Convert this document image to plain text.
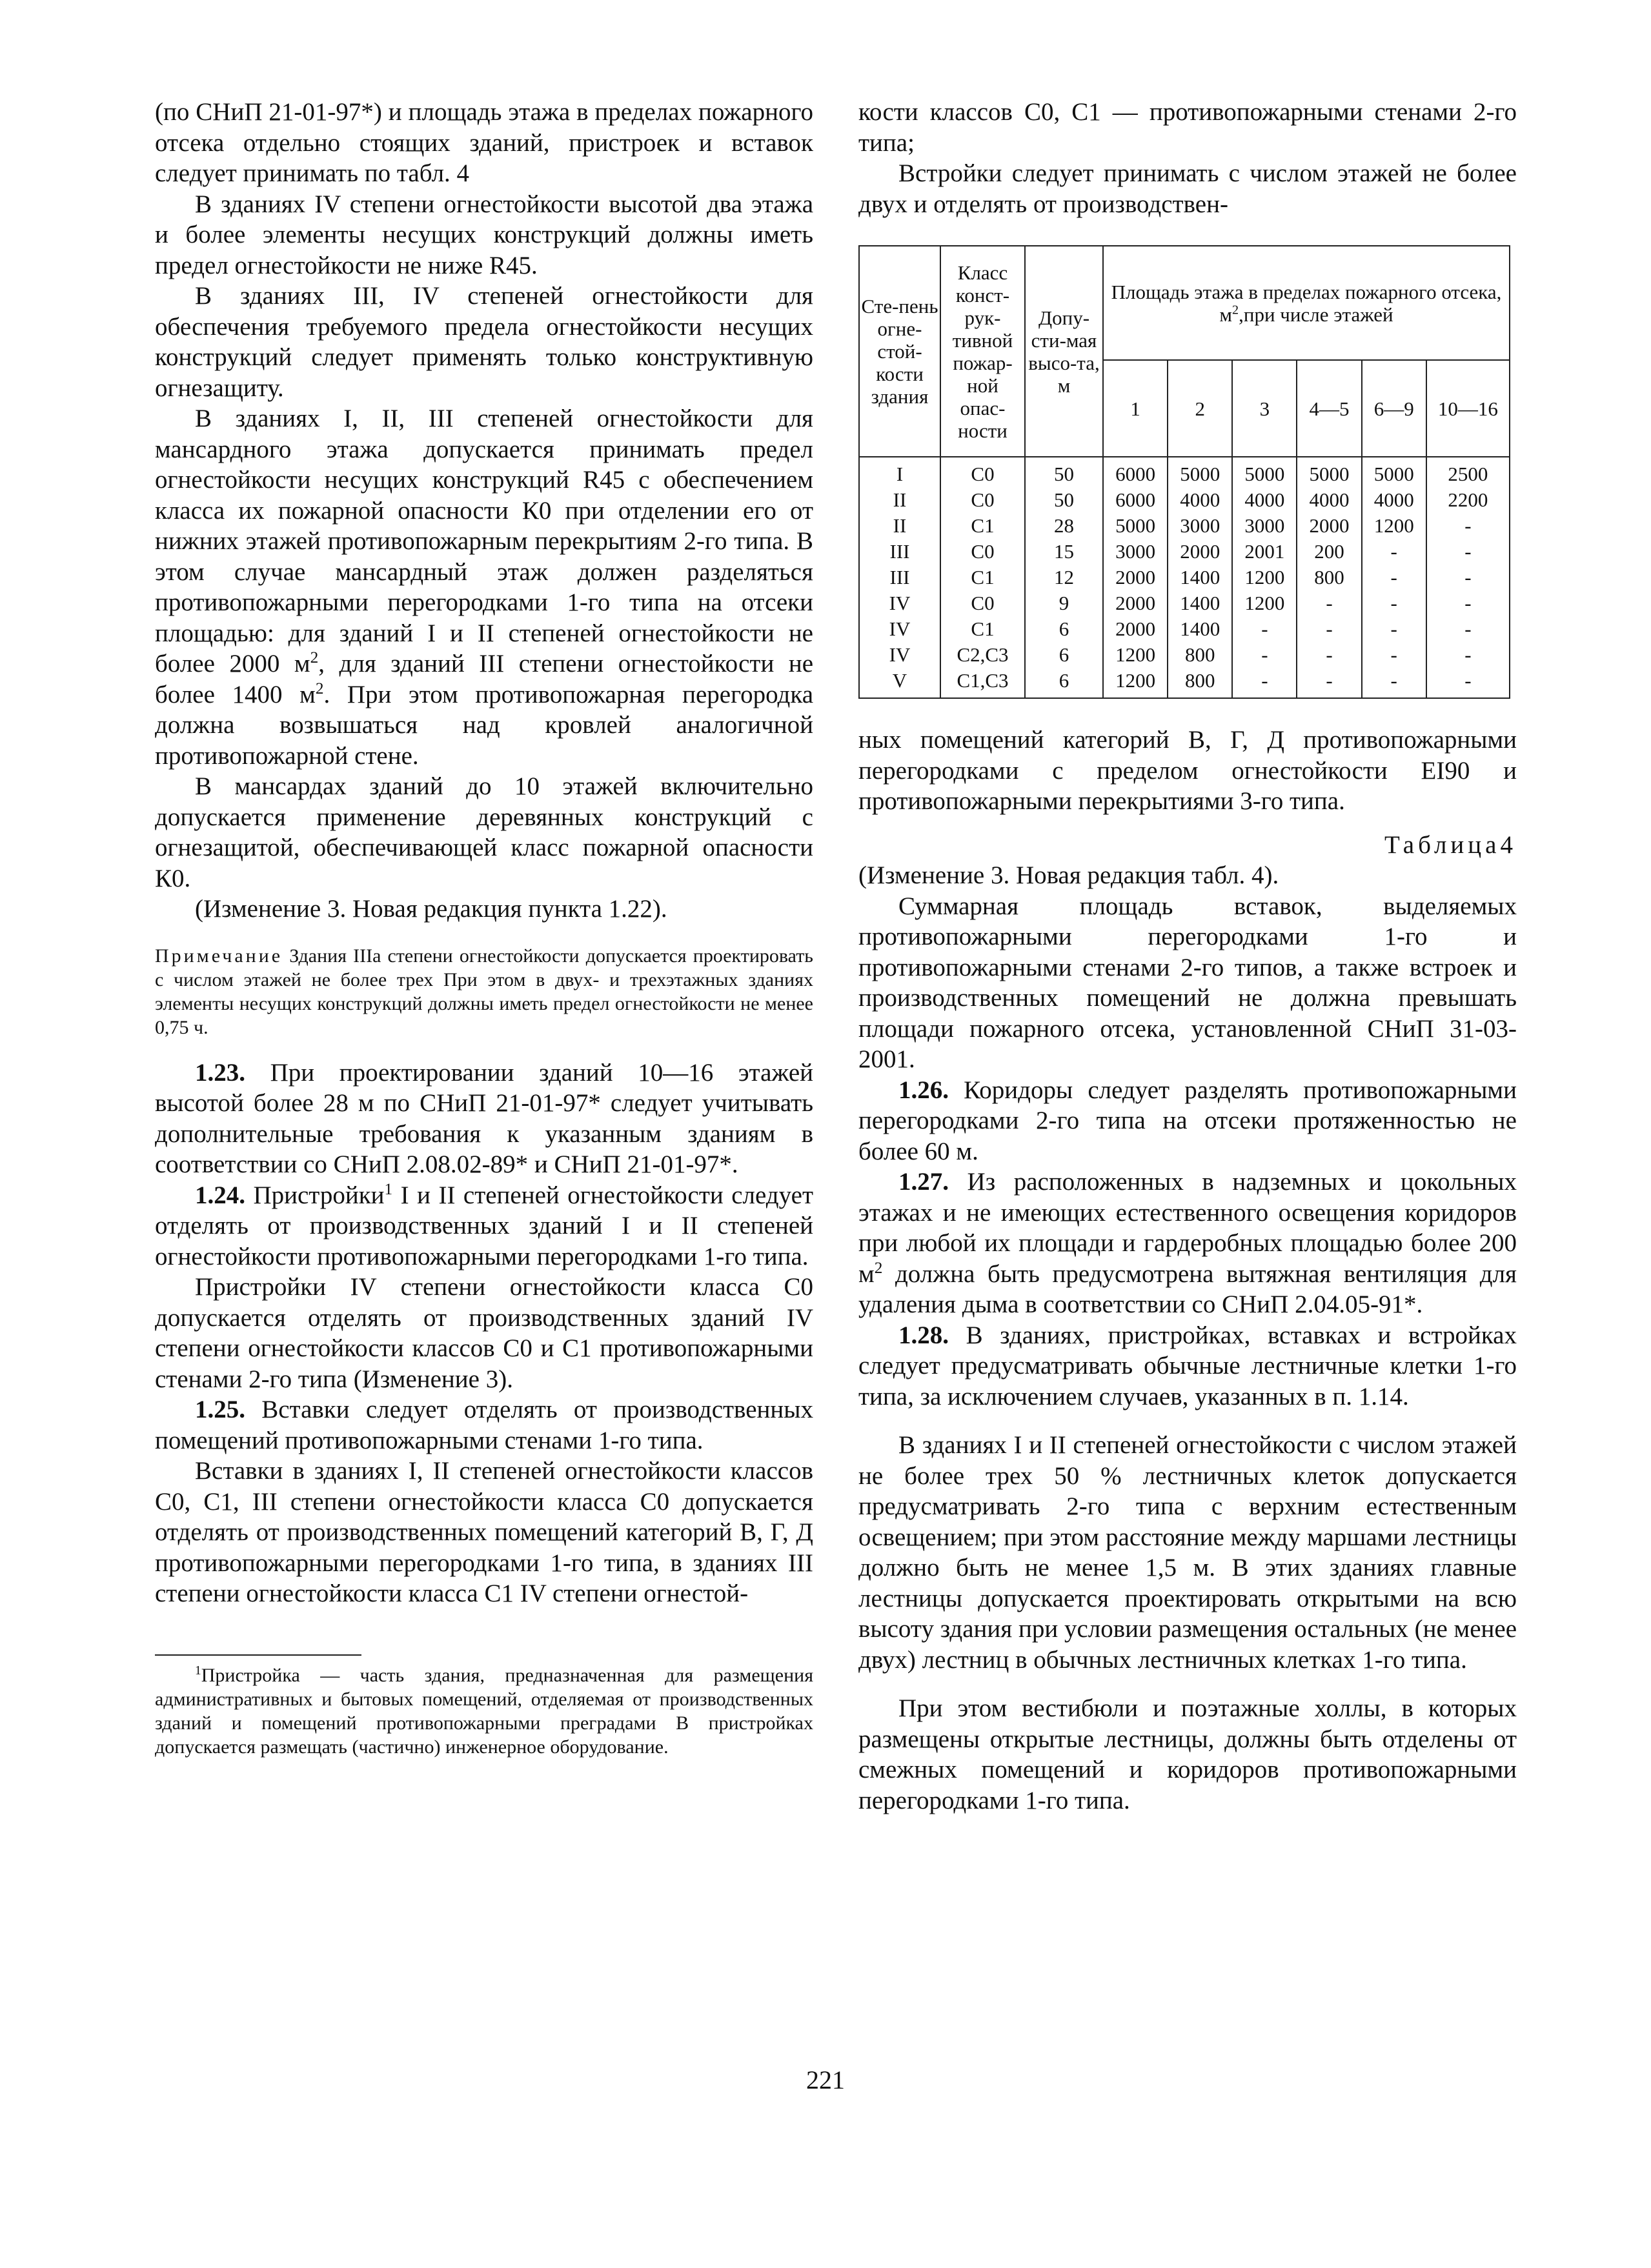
(по СНиП 21-01-97*) и площадь этажа в пределах пожарного отсека отдельно стоящих зданий, пристроек и вставок следует принимать по табл. 4

В зданиях IV степени огнестойкости высотой два этажа и более элементы несущих конструкций должны иметь предел огнестойкости не ниже R45.

В зданиях III, IV степеней огнестойкости для обеспечения требуемого предела огнестойкости несущих конструкций следует применять только конструктивную огнезащиту.

В зданиях I, II, III степеней огнестойкости для мансардного этажа допускается принимать предел огнестойкости несущих конструкций R45 с обеспечением класса их пожарной опасности К0 при отделении его от нижних этажей противопожарным перекрытиям 2-го типа. В этом случае мансардный этаж должен разделяться противопожарными перегородками 1-го типа на отсеки площадью: для зданий I и II степеней огнестойкости не более 2000 $м^2$, для зданий III степени огнестойкости не более 1400 $м^2$. При этом противопожарная перегородка должна возвышаться над кровлей аналогичной противопожарной стене.

В мансардах зданий до 10 этажей включительно допускается применение деревянных конструкций с огнезащитой, обеспечивающей класс пожарной опасности К0.

(Изменение 3. Новая редакция пункта 1.22).

Примечание Здания IIIa степени огнестойкости допускается проектировать с числом этажей не более трех При этом в двух- и трехэтажных зданиях элементы несущих конструкций должны иметь предел огнестойкости не менее 0,75 ч.

1.23. При проектировании зданий 10—16 этажей высотой более 28 м по СНиП 21-01-97* следует учитывать дополнительные требования к указанным зданиям в соответствии со СНиП 2.08.02-89* и СНиП 21-01-97*.

1.24. Пристройки$^1$ I и II степеней огнестойкости следует отделять от производственных зданий I и II степеней огнестойкости противопожарными перегородками 1-го типа.

Пристройки IV степени огнестойкости класса С0 допускается отделять от производственных зданий IV степени огнестойкости классов С0 и С1 противопожарными стенами 2-го типа (Изменение 3).

1.25. Вставки следует отделять от производственных помещений противопожарными стенами 1-го типа.

Вставки в зданиях I, II степеней огнестойкости классов С0, С1, III степени огнестойкости класса С0 допускается отделять от производственных помещений категорий В, Г, Д противопожарными перегородками 1-го типа, в зданиях III степени огнестойкости класса С1 IV степени огнестой-

$^1$Пристройка — часть здания, предназначенная для размещения административных и бытовых помещений, отделяемая от производственных зданий и помещений противопожарными преградами В пристройках допускается размещать (частично) инженерное оборудование.

кости классов С0, С1 — противопожарными стенами 2-го типа;

Встройки следует принимать с числом этажей не более двух и отделять от производствен-

Сте-пень огне-стой-кости здания	Класс конст-рук-тивной пожар-ной опас-ности	Допу-сти-мая высо-та, м	Площадь этажа в пределах пожарного отсека, $м^2,при$ числе этажей					
			1	2	3	4—5	6—9	10—16
I	С0	50	6000	5000	5000	5000	5000	2500
II	С0	50	6000	4000	4000	4000	4000	2200
II	С1	28	5000	3000	3000	2000	1200	-
III	С0	15	3000	2000	2001	200	-	-
III	С1	12	2000	1400	1200	800	-	-
IV	С0	9	2000	1400	1200	-	-	-
IV	С1	6	2000	1400	-	-	-	-
IV	С2,С3	6	1200	800	-	-	-	-
V	С1,С3	6	1200	800	-	-	-	-

ных помещений категорий В, Г, Д противопожарными перегородками с пределом огнестойкости EI90 и противопожарными перекрытиями 3-го типа.

Таблица4

(Изменение 3. Новая редакция табл. 4).

Суммарная площадь вставок, выделяемых противопожарными перегородками 1-го и противопожарными стенами 2-го типов, а также встроек и производственных помещений не должна превышать площади пожарного отсека, установленной СНиП 31-03-2001.

1.26. Коридоры следует разделять противопожарными перегородками 2-го типа на отсеки протяженностью не более 60 м.

1.27. Из расположенных в надземных и цокольных этажах и не имеющих естественного освещения коридоров при любой их площади и гардеробных площадью более 200 $м^2$ должна быть предусмотрена вытяжная вентиляция для удаления дыма в соответствии со СНиП 2.04.05-91*.

1.28. В зданиях, пристройках, вставках и встройках следует предусматривать обычные лестничные клетки 1-го типа, за исключением случаев, указанных в п. 1.14.

В зданиях I и II степеней огнестойкости с числом этажей не более трех 50 % лестничных клеток допускается предусматривать 2-го типа с верхним естественным освещением; при этом расстояние между маршами лестницы должно быть не менее 1,5 м. В этих зданиях главные лестницы допускается проектировать открытыми на всю высоту здания при условии размещения остальных (не менее двух) лестниц в обычных лестничных клетках 1-го типа.

При этом вестибюли и поэтажные холлы, в которых размещены открытые лестницы, должны быть отделены от смежных помещений и коридоров противопожарными перегородками 1-го типа.

221
